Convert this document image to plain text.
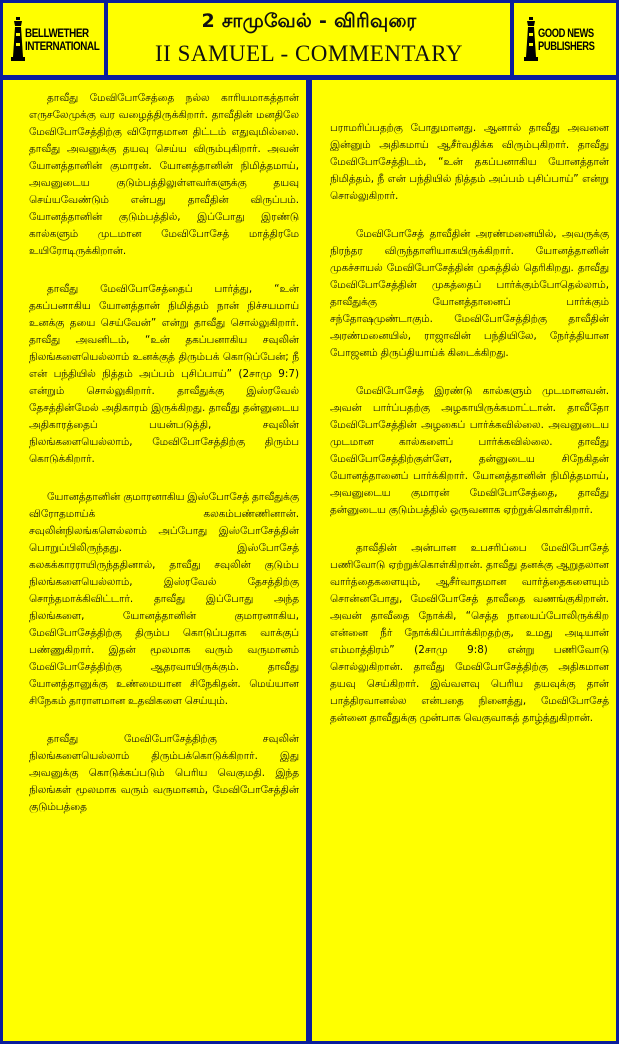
BELLWETHER
INTERNATIONAL
2 சாமுவேல் - விரிவுரை
II SAMUEL - COMMENTARY
GOOD NEWS
PUBLISHERS

தாவீது மேவிபோசேத்தை நல்ல காரியமாகத்தான் எருசலேமுக்கு வர வழைத்திருக்கிறார். தாவீதின் மனதிலே மேவிபோசேத்திற்கு விரோதமான திட்டம் எதுவுமில்லை. தாவீது அவனுக்கு தயவு செய்ய விரும்புகிறார். அவன் யோனத்தானின் குமாரன். யோனத்தானின் நிமித்தமாய், அவனுடைய குடும்பத்திலுள்ளவர்களுக்கு தயவு செய்யவேண்டும் என்பது தாவீதின் விருப்பம். யோனத்தானின் குடும்பத்தில், இப்போது இரண்டு கால்களும் முடமான மேவிபோசேத் மாத்திரமே உயிரோடிருக்கிறான்.

தாவீது மேவிபோசேத்தைப் பார்த்து, “உன் தகப்பனாகிய யோனத்தான் நிமித்தம் நான் நிச்சயமாய் உனக்கு தயை செய்வேன்” என்று தாவீது சொல்லுகிறார். தாவீது அவனிடம், “உன் தகப்பனாகிய சவுலின் நிலங்களையெல்லாம் உனக்குத் திரும்பக் கொடுப்பேன்; நீ என் பந்தியில் நித்தம் அப்பம் புசிப்பாய்” (2சாமு 9:7) என்றும் சொல்லுகிறார். தாவீதுக்கு இஸ்ரவேல் தேசத்தின்மேல் அதிகாரம் இருக்கிறது. தாவீது தன்னுடைய அதிகாரத்தைப் பயன்படுத்தி, சவுலின் நிலங்களையெல்லாம், மேவிபோசேத்திற்கு திரும்ப கொடுக்கிறார்.

யோனத்தானின் குமாரனாகிய இஸ்போசேத் தாவீதுக்கு விரோதமாய்க் கலகம்பண்ணினான். சவுலின்நிலங்களெல்லாம் அப்போது இஸ்போசேத்தின் பொறுப்பிலிருந்தது. இஸ்போசேத் கலகக்காரராயிருந்ததினால், தாவீது சவுலின் குடும்ப நிலங்களையெல்லாம், இஸ்ரவேல் தேசத்திற்கு சொந்தமாக்கிவிட்டார். தாவீது இப்போது அந்த நிலங்களை, யோனத்தானின் குமாரனாகிய, மேவிபோசேத்திற்கு திரும்ப கொடுப்பதாக வாக்குப் பண்ணுகிறார். இதன் மூலமாக வரும் வருமானம் மேவிபோசேத்திற்கு ஆதரவாயிருக்கும். தாவீது யோனத்தானுக்கு உண்மையான சிநேகிதன். மெய்யான சிநேகம் தாராளமான உதவிகளை செய்யும்.

தாவீது மேவிபோசேத்திற்கு சவுலின் நிலங்களையெல்லாம் திரும்பக்கொடுக்கிறார். இது அவனுக்கு கொடுக்கப்படும் பெரிய வெகுமதி. இந்த நிலங்கள் மூலமாக வரும் வருமானம், மேவிபோசேத்தின் குடும்பத்தை

பராமரிப்பதற்கு போதுமானது. ஆனால் தாவீது அவனை இன்னும் அதிகமாய் ஆசீர்வதிக்க விரும்புகிறார். தாவீது மேவிபோசேத்திடம், “உன் தகப்பனாகிய யோனத்தான் நிமித்தம், நீ என் பந்தியில் நித்தம் அப்பம் புசிப்பாய்” என்று சொல்லுகிறார்.

மேவிபோசேத் தாவீதின் அரண்மனையில், அவருக்கு நிரந்தர விருந்தாளியாகயிருக்கிறார். யோனத்தானின் முகச்சாயல் மேவிபோசேத்தின் முகத்தில் தெரிகிறது. தாவீது மேவிபோசேத்தின் முகத்தைப் பார்க்கும்போதெல்லாம், தாவீதுக்கு யோனத்தானைப் பார்க்கும் சந்தோஷமுண்டாகும். மேவிபோசேத்திற்கு தாவீதின் அரண்மனையில், ராஜாவின் பந்தியிலே, நேர்த்தியான போஜனம் திருப்தியாய்க் கிடைக்கிறது.

மேவிபோசேத் இரண்டு கால்களும் முடமானவன். அவன் பார்ப்பதற்கு அழகாயிருக்கமாட்டான். தாவீதோ மேவிபோசேத்தின் அழகைப் பார்க்கவில்லை. அவனுடைய முடமான கால்களைப் பார்க்கவில்லை. தாவீது மேவிபோசேத்திற்குள்ளே, தன்னுடைய சிநேகிதன் யோனத்தானைப் பார்க்கிறார். யோனத்தானின் நிமித்தமாய், அவனுடைய குமாரன் மேவிபோசேத்தை, தாவீது தன்னுடைய குடும்பத்தில் ஒருவனாக ஏற்றுக்கொள்கிறார்.

தாவீதின் அன்பான உபசரிப்பை மேவிபோசேத் பணிவோடு ஏற்றுக்கொள்கிறான். தாவீது தனக்கு ஆறுதலான வார்த்தைகளையும், ஆசீர்வாதமான வார்த்தைகளையும் சொன்னபோது, மேவிபோசேத் தாவீதை வணங்குகிறான். அவன் தாவீதை நோக்கி, “செத்த நாயைப்போலிருக்கிற என்னை நீர் நோக்கிப்பார்க்கிறதற்கு, உமது அடியான் எம்மாத்திரம்” (2சாமு 9:8) என்று பணிவோடு சொல்லுகிறான். தாவீது மேவிபோசேத்திற்கு அதிகமான தயவு செய்கிறார். இவ்வளவு பெரிய தயவுக்கு தான் பாத்திரவானல்ல என்பதை நினைத்து, மேவிபோசேத் தன்னை தாவீதுக்கு முன்பாக வெகுவாகத் தாழ்த்துகிறான்.
